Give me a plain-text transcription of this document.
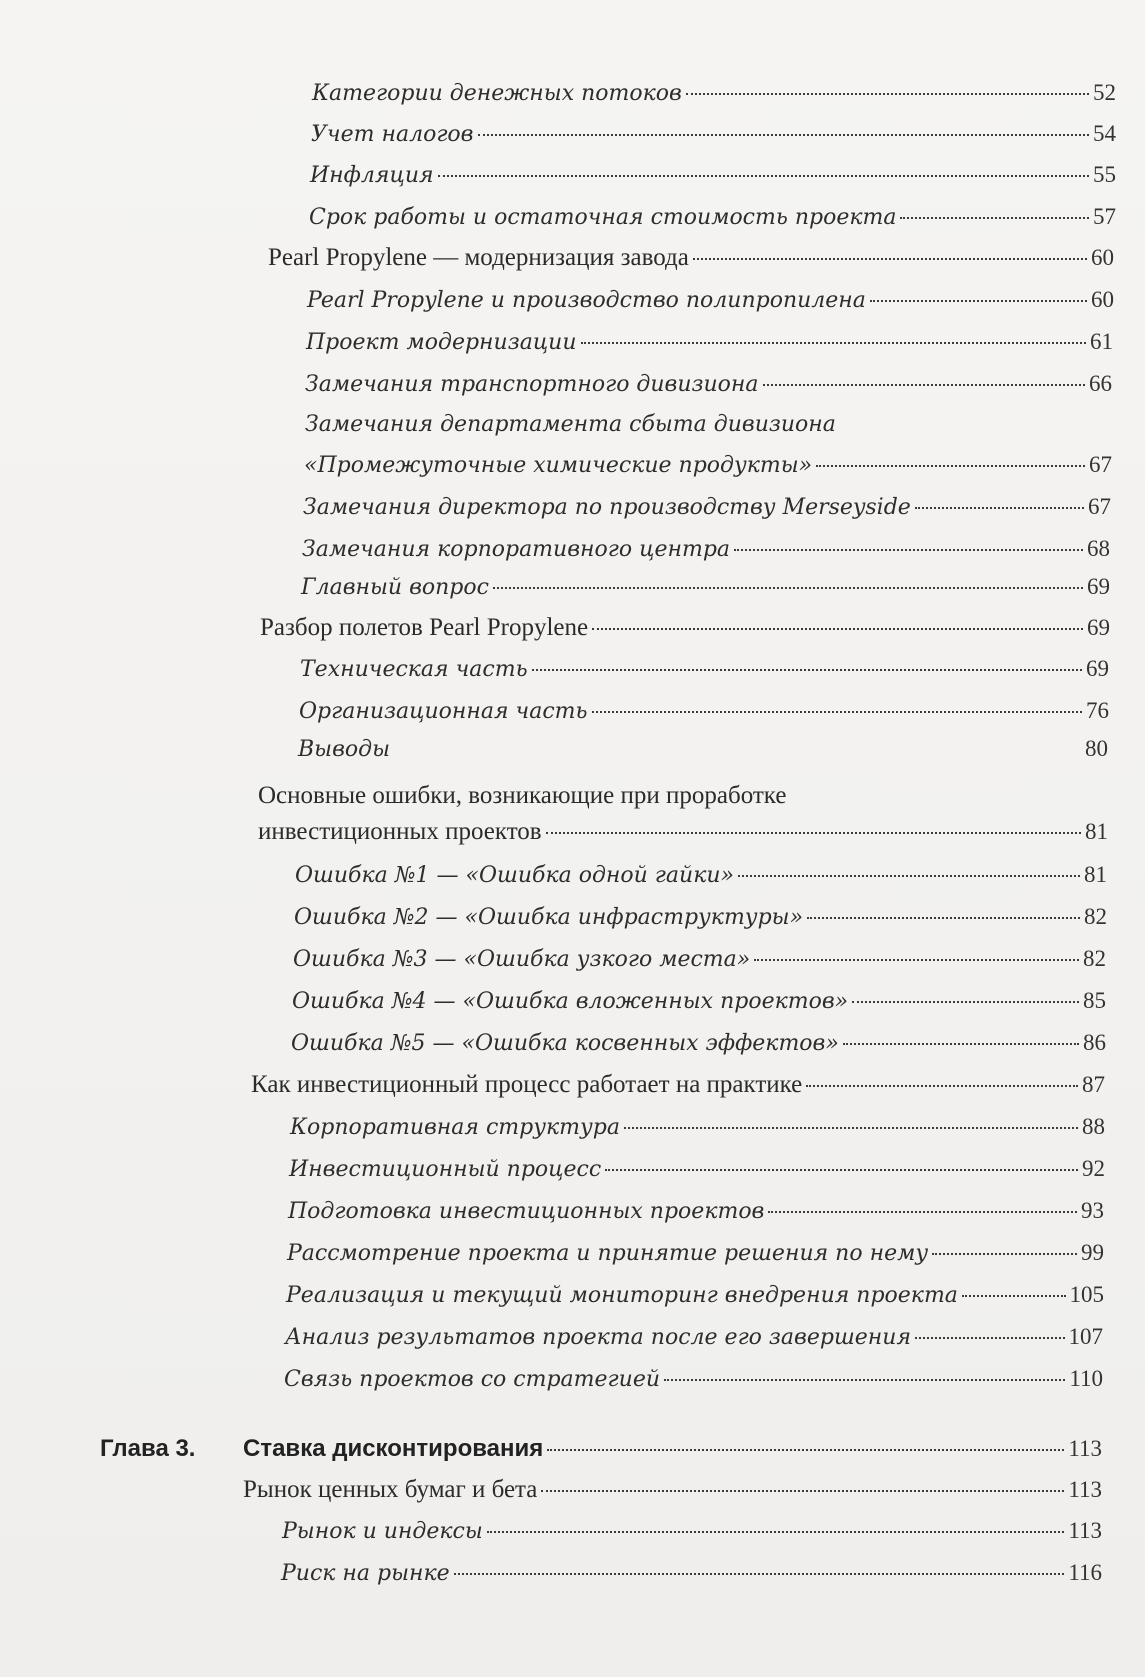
Категории денежных потоков	52
Учет налогов	54
Инфляция	55
Срок работы и остаточная стоимость проекта	57
Pearl Propylene — модернизация завода	60
Pearl Propylene и производство полипропилена	60
Проект модернизации	61
Замечания транспортного дивизиона	66
Замечания департамента сбыта дивизиона
«Промежуточные химические продукты»	67
Замечания директора по производству Merseyside	67
Замечания корпоративного центра	68
Главный вопрос	69
Разбор полетов Pearl Propylene	69
Техническая часть	69
Организационная часть	76
Выводы	80
Основные ошибки, возникающие при проработке
инвестиционных проектов	81
Ошибка №1 — «Ошибка одной гайки»	81
Ошибка №2 — «Ошибка инфраструктуры»	82
Ошибка №3 — «Ошибка узкого места»	82
Ошибка №4 — «Ошибка вложенных проектов»	85
Ошибка №5 — «Ошибка косвенных эффектов»	86
Как инвестиционный процесс работает на практике	87
Корпоративная структура	88
Инвестиционный процесс	92
Подготовка инвестиционных проектов	93
Рассмотрение проекта и принятие решения по нему	99
Реализация и текущий мониторинг внедрения проекта	105
Анализ результатов проекта после его завершения	107
Связь проектов со стратегией	110
Глава 3. Ставка дисконтирования	113
Рынок ценных бумаг и бета	113
Рынок и индексы	113
Риск на рынке	116
